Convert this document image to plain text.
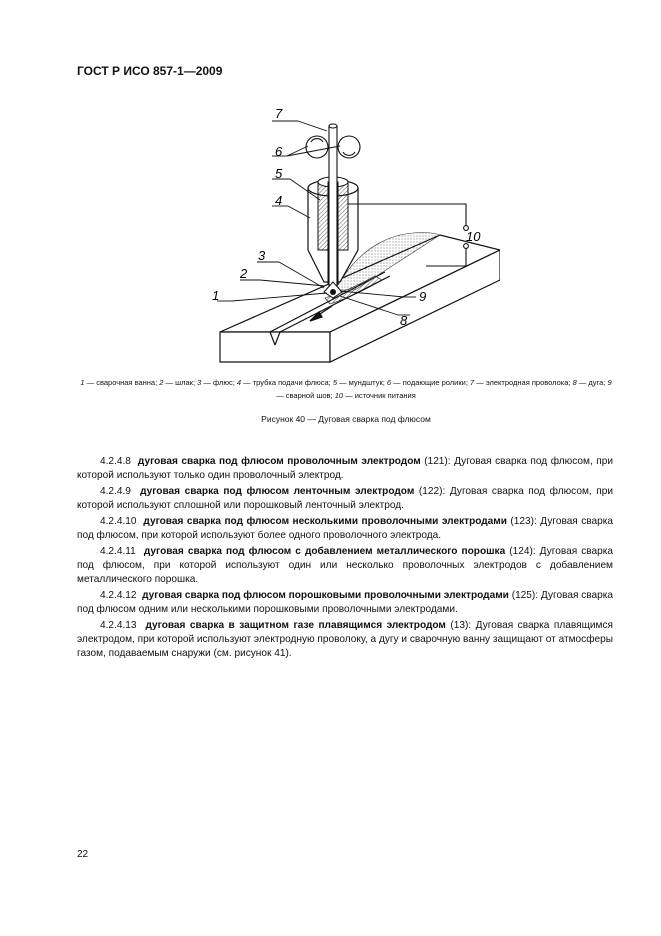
ГОСТ Р ИСО 857-1—2009
7
6
5
4
3
2
1
8
9
10
1 — сварочная ванна; 2 — шлак; 3 — флюс; 4 — трубка подачи флюса; 5 — мундштук; 6 — подающие ролики; 7 — электродная проволока; 8 — дуга; 9 — сварной шов; 10 — источник питания
Рисунок 40 — Дуговая сварка под флюсом

4.2.4.8 дуговая сварка под флюсом проволочным электродом (121): Дуговая сварка под флюсом, при которой используют только один проволочный электрод.

4.2.4.9 дуговая сварка под флюсом ленточным электродом (122): Дуговая сварка под флюсом, при которой используют сплошной или порошковый ленточный электрод.

4.2.4.10 дуговая сварка под флюсом несколькими проволочными электродами (123): Дуговая сварка под флюсом, при которой используют более одного проволочного электрода.

4.2.4.11 дуговая сварка под флюсом с добавлением металлического порошка (124): Дуговая сварка под флюсом, при которой используют один или несколько проволочных электродов с добавлением металлического порошка.

4.2.4.12 дуговая сварка под флюсом порошковыми проволочными электродами (125): Дуговая сварка под флюсом одним или несколькими порошковыми проволочными электродами.

4.2.4.13 дуговая сварка в защитном газе плавящимся электродом (13): Дуговая сварка плавящимся электродом, при которой используют электродную проволоку, а дугу и сварочную ванну защищают от атмосферы газом, подаваемым снаружи (см. рисунок 41).

22
